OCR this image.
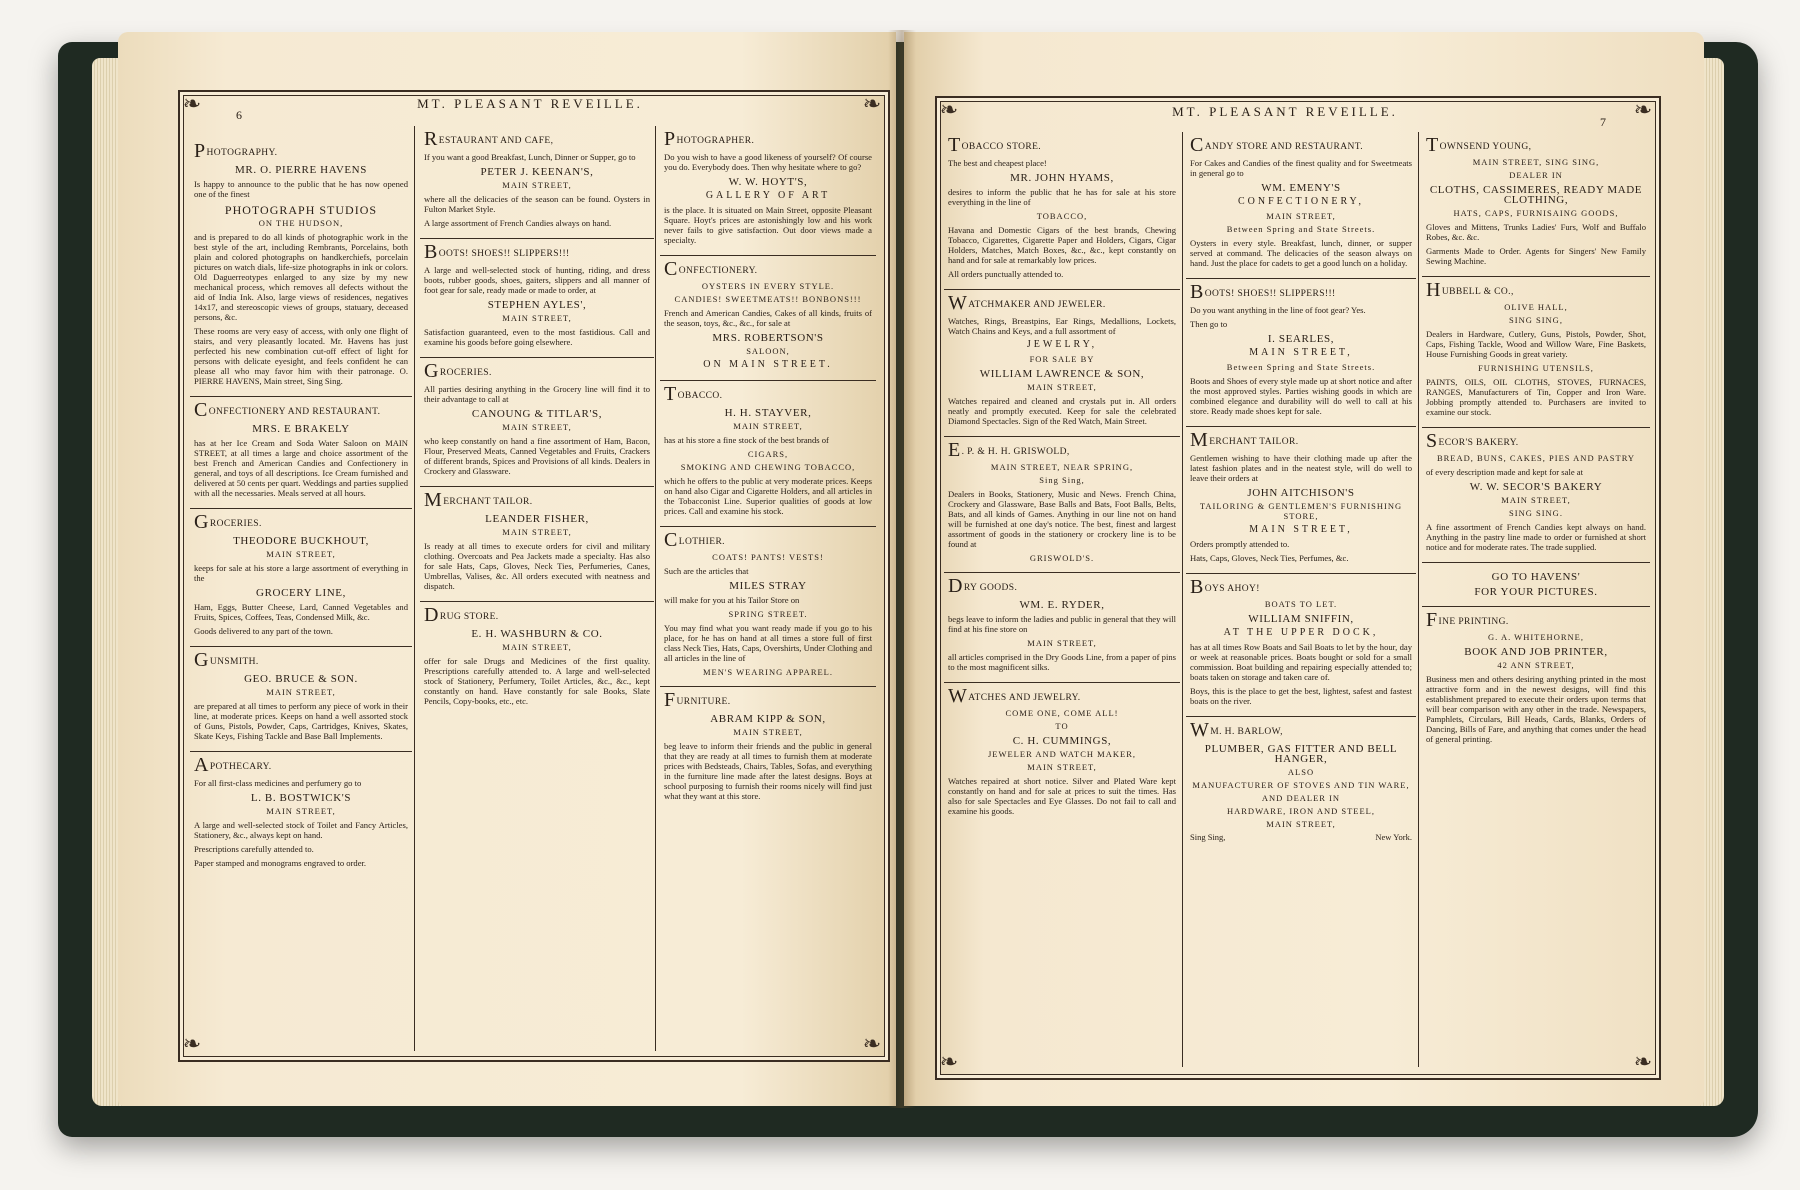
❧	❧
❧	❧
❧	❧
❧	❧
6
MT. PLEASANT REVEILLE.
MT. PLEASANT REVEILLE.
7
PHOTOGRAPHY.
MR. O. PIERRE HAVENS
Is happy to announce to the public that he has now opened one of the finest
PHOTOGRAPH STUDIOS
ON THE HUDSON,
and is prepared to do all kinds of photographic work in the best style of the art, including Rembrants, Porcelains, both plain and colored photographs on handkerchiefs, porcelain pictures on watch dials, life-size photographs in ink or colors. Old Daguerreotypes enlarged to any size by my new mechanical process, which removes all defects without the aid of India Ink. Also, large views of residences, negatives 14x17, and stereoscopic views of groups, statuary, deceased persons, &c.
These rooms are very easy of access, with only one flight of stairs, and very pleasantly located. Mr. Havens has just perfected his new combination cut-off effect of light for persons with delicate eyesight, and feels confident he can please all who may favor him with their patronage. O. PIERRE HAVENS, Main street, Sing Sing.
CONFECTIONERY AND RESTAURANT.
MRS. E BRAKELY
has at her Ice Cream and Soda Water Saloon on MAIN STREET, at all times a large and choice assortment of the best French and American Candies and Confectionery in general, and toys of all descriptions. Ice Cream furnished and delivered at 50 cents per quart. Weddings and parties supplied with all the necessaries. Meals served at all hours.
GROCERIES.
THEODORE BUCKHOUT,
MAIN STREET,
keeps for sale at his store a large assortment of everything in the
GROCERY LINE,
Ham, Eggs, Butter Cheese, Lard, Canned Vegetables and Fruits, Spices, Coffees, Teas, Condensed Milk, &c.
Goods delivered to any part of the town.
GUNSMITH.
GEO. BRUCE & SON.
MAIN STREET,
are prepared at all times to perform any piece of work in their line, at moderate prices. Keeps on hand a well assorted stock of Guns, Pistols, Powder, Caps, Cartridges, Knives, Skates, Skate Keys, Fishing Tackle and Base Ball Implements.
APOTHECARY.
For all first-class medicines and perfumery go to
L. B. BOSTWICK'S
MAIN STREET,
A large and well-selected stock of Toilet and Fancy Articles, Stationery, &c., always kept on hand.
Prescriptions carefully attended to.
Paper stamped and monograms engraved to order.
RESTAURANT AND CAFE,
If you want a good Breakfast, Lunch, Dinner or Supper, go to
PETER J. KEENAN'S,
MAIN STREET,
where all the delicacies of the season can be found. Oysters in Fulton Market Style.
A large assortment of French Candies always on hand.
BOOTS! SHOES!! SLIPPERS!!!
A large and well-selected stock of hunting, riding, and dress boots, rubber goods, shoes, gaiters, slippers and all manner of foot gear for sale, ready made or made to order, at
STEPHEN AYLES',
MAIN STREET,
Satisfaction guaranteed, even to the most fastidious. Call and examine his goods before going elsewhere.
GROCERIES.
All parties desiring anything in the Grocery line will find it to their advantage to call at
CANOUNG & TITLAR'S,
MAIN STREET,
who keep constantly on hand a fine assortment of Ham, Bacon, Flour, Preserved Meats, Canned Vegetables and Fruits, Crackers of different brands, Spices and Provisions of all kinds. Dealers in Crockery and Glassware.
MERCHANT TAILOR.
LEANDER FISHER,
MAIN STREET,
Is ready at all times to execute orders for civil and military clothing. Overcoats and Pea Jackets made a specialty. Has also for sale Hats, Caps, Gloves, Neck Ties, Perfumeries, Canes, Umbrellas, Valises, &c. All orders executed with neatness and dispatch.
DRUG STORE.
E. H. WASHBURN & CO.
MAIN STREET,
offer for sale Drugs and Medicines of the first quality. Prescriptions carefully attended to. A large and well-selected stock of Stationery, Perfumery, Toilet Articles, &c., &c., kept constantly on hand. Have constantly for sale Books, Slate Pencils, Copy-books, etc., etc.
PHOTOGRAPHER.
Do you wish to have a good likeness of yourself? Of course you do. Everybody does. Then why hesitate where to go?
W. W. HOYT'S,
GALLERY OF ART
is the place. It is situated on Main Street, opposite Pleasant Square. Hoyt's prices are astonishingly low and his work never fails to give satisfaction. Out door views made a specialty.
CONFECTIONERY.
OYSTERS IN EVERY STYLE.
CANDIES! SWEETMEATS!! BONBONS!!!
French and American Candies, Cakes of all kinds, fruits of the season, toys, &c., &c., for sale at
MRS. ROBERTSON'S
SALOON,
ON MAIN STREET.
TOBACCO.
H. H. STAYVER,
MAIN STREET,
has at his store a fine stock of the best brands of
CIGARS,
SMOKING AND CHEWING TOBACCO,
which he offers to the public at very moderate prices. Keeps on hand also Cigar and Cigarette Holders, and all articles in the Tobacconist Line. Superior qualities of goods at low prices. Call and examine his stock.
CLOTHIER.
COATS! PANTS! VESTS!
Such are the articles that
MILES STRAY
will make for you at his Tailor Store on
SPRING STREET.
You may find what you want ready made if you go to his place, for he has on hand at all times a store full of first class Neck Ties, Hats, Caps, Overshirts, Under Clothing and all articles in the line of
MEN'S WEARING APPAREL.
FURNITURE.
ABRAM KIPP & SON,
MAIN STREET,
beg leave to inform their friends and the public in general that they are ready at all times to furnish them at moderate prices with Bedsteads, Chairs, Tables, Sofas, and everything in the furniture line made after the latest designs. Boys at school purposing to furnish their rooms nicely will find just what they want at this store.
TOBACCO STORE.
The best and cheapest place!
MR. JOHN HYAMS,
desires to inform the public that he has for sale at his store everything in the line of
TOBACCO,
Havana and Domestic Cigars of the best brands, Chewing Tobacco, Cigarettes, Cigarette Paper and Holders, Cigars, Cigar Holders, Matches, Match Boxes, &c., &c., kept constantly on hand and for sale at remarkably low prices.
All orders punctually attended to.
WATCHMAKER AND JEWELER.
Watches, Rings, Breastpins, Ear Rings, Medallions, Lockets, Watch Chains and Keys, and a full assortment of
JEWELRY,
FOR SALE BY
WILLIAM LAWRENCE & SON,
MAIN STREET,
Watches repaired and cleaned and crystals put in. All orders neatly and promptly executed. Keep for sale the celebrated Diamond Spectacles. Sign of the Red Watch, Main Street.
E. P. & H. H. GRISWOLD,
MAIN STREET, NEAR SPRING,
Sing Sing,
Dealers in Books, Stationery, Music and News. French China, Crockery and Glassware, Base Balls and Bats, Foot Balls, Belts, Bats, and all kinds of Games. Anything in our line not on hand will be furnished at one day's notice. The best, finest and largest assortment of goods in the stationery or crockery line is to be found at
GRISWOLD'S.
DRY GOODS.
WM. E. RYDER,
begs leave to inform the ladies and public in general that they will find at his fine store on
MAIN STREET,
all articles comprised in the Dry Goods Line, from a paper of pins to the most magnificent silks.
WATCHES AND JEWELRY.
COME ONE, COME ALL!
TO
C. H. CUMMINGS,
JEWELER AND WATCH MAKER,
MAIN STREET,
Watches repaired at short notice. Silver and Plated Ware kept constantly on hand and for sale at prices to suit the times. Has also for sale Spectacles and Eye Glasses. Do not fail to call and examine his goods.
CANDY STORE AND RESTAURANT.
For Cakes and Candies of the finest quality and for Sweetmeats in general go to
WM. EMENY'S
CONFECTIONERY,
MAIN STREET,
Between Spring and State Streets.
Oysters in every style. Breakfast, lunch, dinner, or supper served at command. The delicacies of the season always on hand. Just the place for cadets to get a good lunch on a holiday.
BOOTS! SHOES!! SLIPPERS!!!
Do you want anything in the line of foot gear? Yes.
Then go to
I. SEARLES,
MAIN STREET,
Between Spring and State Streets.
Boots and Shoes of every style made up at short notice and after the most approved styles. Parties wishing goods in which are combined elegance and durability will do well to call at his store. Ready made shoes kept for sale.
MERCHANT TAILOR.
Gentlemen wishing to have their clothing made up after the latest fashion plates and in the neatest style, will do well to leave their orders at
JOHN AITCHISON'S
TAILORING & GENTLEMEN'S FURNISHING STORE,
MAIN STREET,
Orders promptly attended to.
Hats, Caps, Gloves, Neck Ties, Perfumes, &c.
BOYS AHOY!
BOATS TO LET.
WILLIAM SNIFFIN,
AT THE UPPER DOCK,
has at all times Row Boats and Sail Boats to let by the hour, day or week at reasonable prices. Boats bought or sold for a small commission. Boat building and repairing especially attended to; boats taken on storage and taken care of.
Boys, this is the place to get the best, lightest, safest and fastest boats on the river.
WM. H. BARLOW,
PLUMBER, GAS FITTER AND BELL HANGER,
ALSO
MANUFACTURER OF STOVES AND TIN WARE,
AND DEALER IN
HARDWARE, IRON AND STEEL,
MAIN STREET,
Sing Sing,	New York.
TOWNSEND YOUNG,
MAIN STREET, SING SING,
DEALER IN
CLOTHS, CASSIMERES, READY MADE CLOTHING,
HATS, CAPS, FURNISAING GOODS,
Gloves and Mittens, Trunks Ladies' Furs, Wolf and Buffalo Robes, &c. &c.
Garments Made to Order. Agents for Singers' New Family Sewing Machine.
HUBBELL & CO.,
OLIVE HALL,
SING SING,
Dealers in Hardware, Cutlery, Guns, Pistols, Powder, Shot, Caps, Fishing Tackle, Wood and Willow Ware, Fine Baskets, House Furnishing Goods in great variety.
FURNISHING UTENSILS,
PAINTS, OILS, OIL CLOTHS, STOVES, FURNACES, RANGES, Manufacturers of Tin, Copper and Iron Ware. Jobbing promptly attended to. Purchasers are invited to examine our stock.
SECOR'S BAKERY.
BREAD, BUNS, CAKES, PIES AND PASTRY
of every description made and kept for sale at
W. W. SECOR'S BAKERY
MAIN STREET,
SING SING.
A fine assortment of French Candies kept always on hand. Anything in the pastry line made to order or furnished at short notice and for moderate rates. The trade supplied.
GO TO HAVENS'
FOR YOUR PICTURES.
FINE PRINTING.
G. A. WHITEHORNE,
BOOK AND JOB PRINTER,
42 ANN STREET,
Business men and others desiring anything printed in the most attractive form and in the newest designs, will find this establishment prepared to execute their orders upon terms that will bear comparison with any other in the trade. Newspapers, Pamphlets, Circulars, Bill Heads, Cards, Blanks, Orders of Dancing, Bills of Fare, and anything that comes under the head of general printing.
